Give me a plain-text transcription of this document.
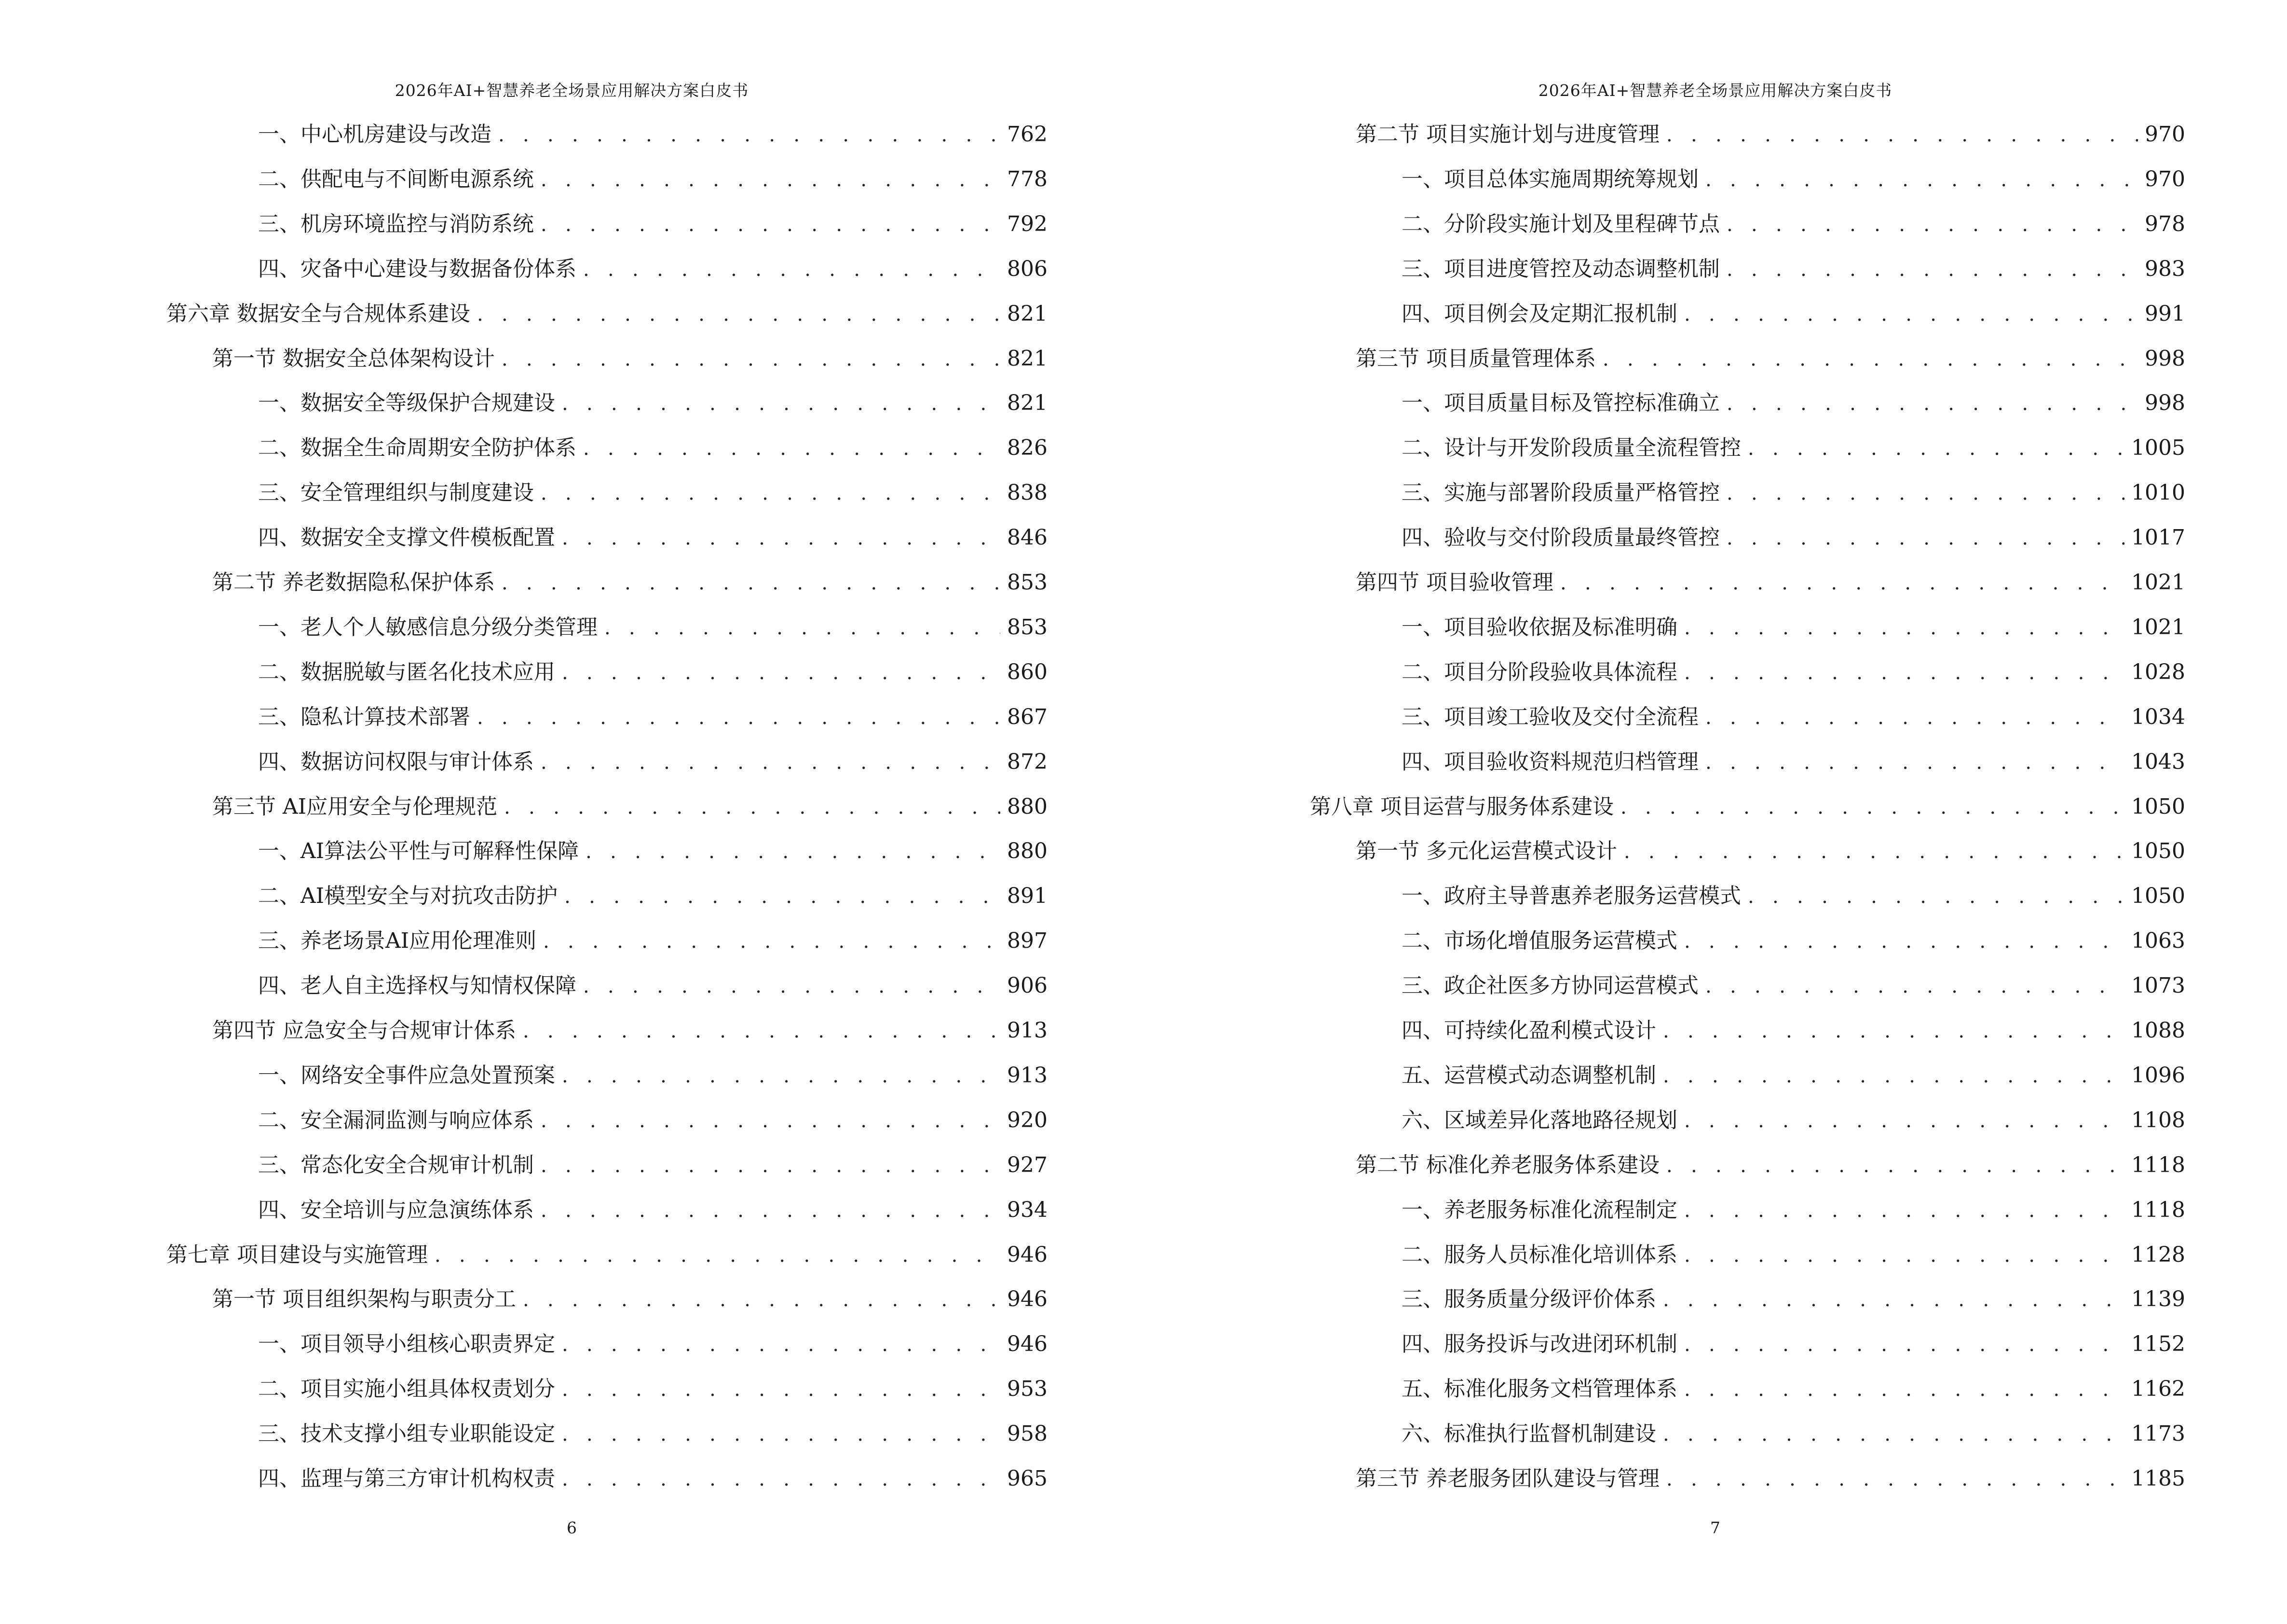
2026年AI+智慧养老全场景应用解决方案白皮书
一、中心机房建设与改造 . . .	762
二、供配电与不间断电源系统 . . .	778
三、机房环境监控与消防系统 . . .	792
四、灾备中心建设与数据备份体系 . . .	806
第六章 数据安全与合规体系建设 . . .	821
第一节 数据安全总体架构设计 . . .	821
一、数据安全等级保护合规建设 . . .	821
二、数据全生命周期安全防护体系 . . .	826
三、安全管理组织与制度建设 . . .	838
四、数据安全支撑文件模板配置 . . .	846
第二节 养老数据隐私保护体系 . . .	853
一、老人个人敏感信息分级分类管理 . . .	853
二、数据脱敏与匿名化技术应用 . . .	860
三、隐私计算技术部署 . . .	867
四、数据访问权限与审计体系 . . .	872
第三节 AI应用安全与伦理规范 . . .	880
一、AI算法公平性与可解释性保障 . . .	880
二、AI模型安全与对抗攻击防护 . . .	891
三、养老场景AI应用伦理准则 . . .	897
四、老人自主选择权与知情权保障 . . .	906
第四节 应急安全与合规审计体系 . . .	913
一、网络安全事件应急处置预案 . . .	913
二、安全漏洞监测与响应体系 . . .	920
三、常态化安全合规审计机制 . . .	927
四、安全培训与应急演练体系 . . .	934
第七章 项目建设与实施管理 . . .	946
第一节 项目组织架构与职责分工 . . .	946
一、项目领导小组核心职责界定 . . .	946
二、项目实施小组具体权责划分 . . .	953
三、技术支撑小组专业职能设定 . . .	958
四、监理与第三方审计机构权责 . . .	965
6
2026年AI+智慧养老全场景应用解决方案白皮书
第二节 项目实施计划与进度管理 . . .	970
一、项目总体实施周期统筹规划 . . .	970
二、分阶段实施计划及里程碑节点 . . .	978
三、项目进度管控及动态调整机制 . . .	983
四、项目例会及定期汇报机制 . . .	991
第三节 项目质量管理体系 . . .	998
一、项目质量目标及管控标准确立 . . .	998
二、设计与开发阶段质量全流程管控 . . .	1005
三、实施与部署阶段质量严格管控 . . .	1010
四、验收与交付阶段质量最终管控 . . .	1017
第四节 项目验收管理 . . .	1021
一、项目验收依据及标准明确 . . .	1021
二、项目分阶段验收具体流程 . . .	1028
三、项目竣工验收及交付全流程 . . .	1034
四、项目验收资料规范归档管理 . . .	1043
第八章 项目运营与服务体系建设 . . .	1050
第一节 多元化运营模式设计 . . .	1050
一、政府主导普惠养老服务运营模式 . . .	1050
二、市场化增值服务运营模式 . . .	1063
三、政企社医多方协同运营模式 . . .	1073
四、可持续化盈利模式设计 . . .	1088
五、运营模式动态调整机制 . . .	1096
六、区域差异化落地路径规划 . . .	1108
第二节 标准化养老服务体系建设 . . .	1118
一、养老服务标准化流程制定 . . .	1118
二、服务人员标准化培训体系 . . .	1128
三、服务质量分级评价体系 . . .	1139
四、服务投诉与改进闭环机制 . . .	1152
五、标准化服务文档管理体系 . . .	1162
六、标准执行监督机制建设 . . .	1173
第三节 养老服务团队建设与管理 . . .	1185
7
